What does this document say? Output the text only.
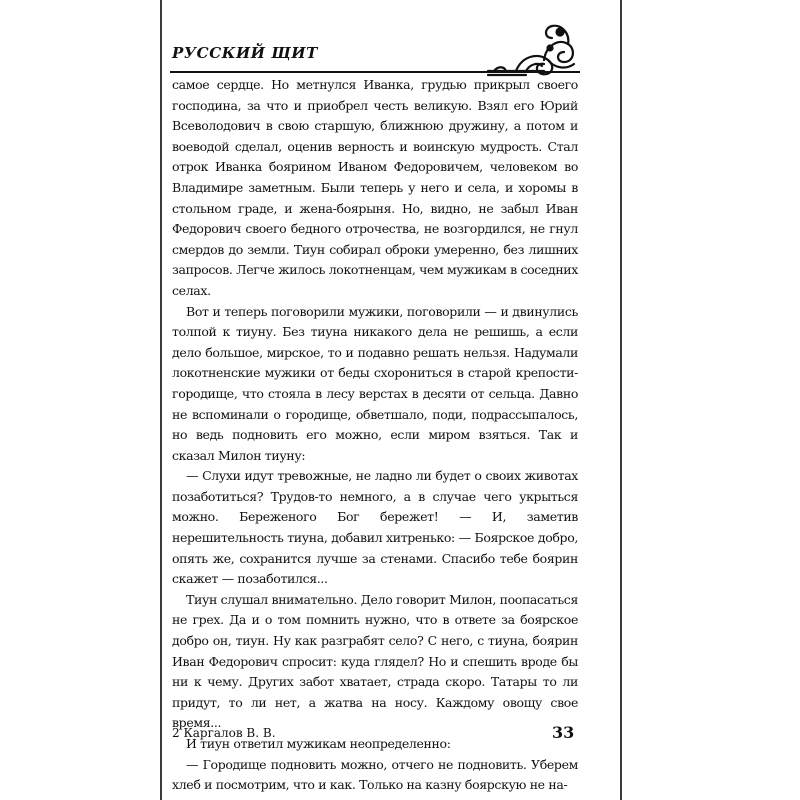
РУССКИЙ ЩИТ

самое сердце. Но метнулся Иванка, грудью прикрыл своего господина, за что и приобрел честь великую. Взял его Юрий Всеволодович в свою старшую, ближнюю дружину, а потом и воеводой сделал, оценив верность и воинскую мудрость. Стал отрок Иванка боярином Иваном Федоровичем, человеком во Владимире заметным. Были теперь у него и села, и хоромы в стольном граде, и жена-боярыня. Но, видно, не забыл Иван Федорович своего бедного отрочества, не возгордился, не гнул смердов до земли. Тиун собирал оброки умеренно, без лишних запросов. Легче жилось локотненцам, чем мужикам в соседних селах.

Вот и теперь поговорили мужики, поговорили — и двинулись толпой к тиуну. Без тиуна никакого дела не решишь, а если дело большое, мирское, то и подавно решать нельзя. Надумали локотненские мужики от беды схорониться в старой крепости-городище, что стояла в лесу верстах в десяти от сельца. Давно не вспоминали о городище, обветшало, поди, подрассыпалось, но ведь подновить его можно, если миром взяться. Так и сказал Милон тиуну:

— Слухи идут тревожные, не ладно ли будет о своих животах позаботиться? Трудов-то немного, а в случае чего укрыться можно. Береженого Бог бережет! — И, заметив нерешительность тиуна, добавил хитренько: — Боярское добро, опять же, сохранится лучше за стенами. Спасибо тебе боярин скажет — позаботился...

Тиун слушал внимательно. Дело говорит Милон, поопасаться не грех. Да и о том помнить нужно, что в ответе за боярское добро он, тиун. Ну как разграбят село? С него, с тиуна, боярин Иван Федорович спросит: куда глядел? Но и спешить вроде бы ни к чему. Других забот хватает, страда скоро. Татары то ли придут, то ли нет, а жатва на носу. Каждому овощу свое время...

И тиун ответил мужикам неопределенно:

— Городище подновить можно, отчего не подновить. Уберем хлеб и посмотрим, что и как. Только на казну боярскую не на-

2 Каргалов В. В.	33
